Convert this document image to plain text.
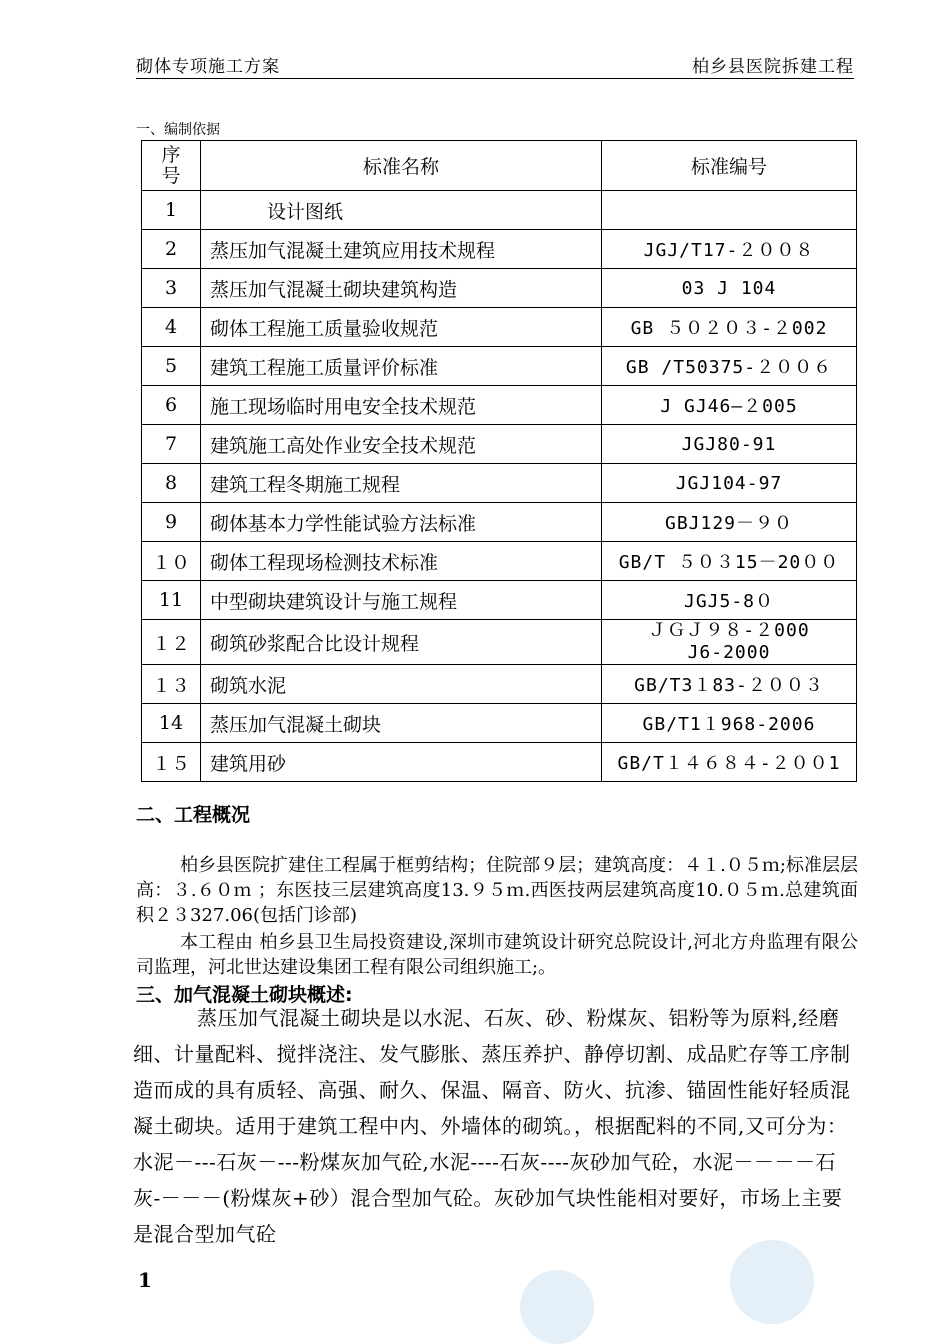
砌体专项施工方案	柏乡县医院拆建工程
一、编制依据
序号	标准名称	标准编号
1	设计图纸	
2	蒸压加气混凝土建筑应用技术规程	JGJ/T17-２００８
3	蒸压加气混凝土砌块建筑构造	03 J 104
4	砌体工程施工质量验收规范	GB ５０２０３-２002
5	建筑工程施工质量评价标准	GB /T50375-２００６
6	施工现场临时用电安全技术规范	J GJ46—２005
7	建筑施工高处作业安全技术规范	JGJ80-91
8	建筑工程冬期施工规程	JGJ104-97
9	砌体基本力学性能试验方法标准	GBJ129－９０
１０	砌体工程现场检测技术标准	GB/T ５０３15－20００
11	中型砌块建筑设计与施工规程	JGJ5-8０
１２	砌筑砂浆配合比设计规程	ＪＧＪ９８-２000
J6-2000

１３	砌筑水泥	GB/T3１83-２００３
14	蒸压加气混凝土砌块	GB/T1１968-2006
１５	建筑用砂	GB/T１４６８４-２００1
二、工程概况
柏乡县医院扩建住工程属于框剪结构；住院部９层；建筑高度：４１.０５ｍ;标准层层高：３.６０ｍ ；东医技三层建筑高度13.９５ｍ.西医技两层建筑高度10.０５ｍ.总建筑面积２３327.06(包括门诊部)
本工程由 柏乡县卫生局投资建设,深圳市建筑设计研究总院设计,河北方舟监理有限公司监理，河北世达建设集团工程有限公司组织施工;。
三、加气混凝土砌块概述:
蒸压加气混凝土砌块是以水泥、石灰、砂、粉煤灰、铝粉等为原料,经磨细、计量配料、搅拌浇注、发气膨胀、蒸压养护、静停切割、成品贮存等工序制造而成的具有质轻、高强、耐久、保温、隔音、防火、抗渗、锚固性能好轻质混凝土砌块。适用于建筑工程中内、外墙体的砌筑。，根据配料的不同,又可分为：水泥－---石灰－---粉煤灰加气砼,水泥----石灰----灰砂加气砼，水泥－－－－石灰-－－－(粉煤灰+砂）混合型加气砼。灰砂加气块性能相对要好，市场上主要是混合型加气砼
1
